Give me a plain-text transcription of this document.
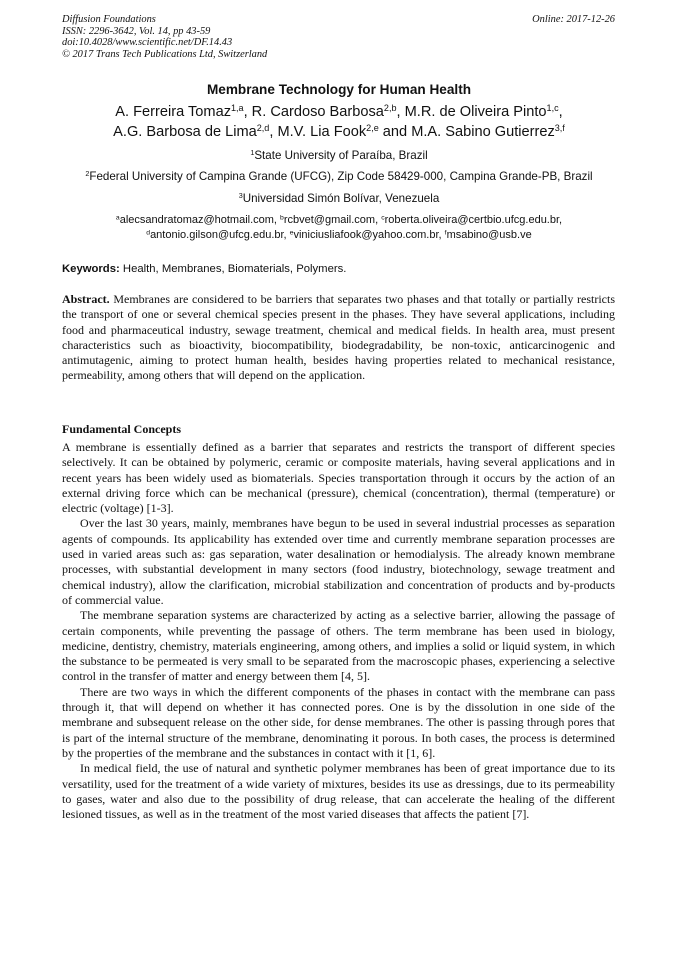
Diffusion Foundations
ISSN: 2296-3642, Vol. 14, pp 43-59
doi:10.4028/www.scientific.net/DF.14.43
© 2017 Trans Tech Publications Ltd, Switzerland
Online: 2017-12-26
Membrane Technology for Human Health
A. Ferreira Tomaz$^{1,a}$, R. Cardoso Barbosa$^{2,b}$, M.R. de Oliveira Pinto$^{1,c}$,
A.G. Barbosa de Lima$^{2,d}$, M.V. Lia Fook$^{2,e}$ and M.A. Sabino Gutierrez$^{3,f}$
$^1$State University of Paraíba, Brazil
$^2$Federal University of Campina Grande (UFCG), Zip Code 58429-000, Campina Grande-PB, Brazil
$^3$Universidad Simón Bolívar, Venezuela
$^a$alecsandratomaz@hotmail.com, $^b$rcbvet@gmail.com, $^c$roberta.oliveira@certbio.ufcg.edu.br,
$^d$antonio.gilson@ufcg.edu.br, $^e$viniciusliafook@yahoo.com.br, $^f$msabino@usb.ve
Keywords: Health, Membranes, Biomaterials, Polymers.
Abstract. Membranes are considered to be barriers that separates two phases and that totally or partially restricts the transport of one or several chemical species present in the phases. They have several applications, including food and pharmaceutical industry, sewage treatment, chemical and medical fields. In health area, must present characteristics such as bioactivity, biocompatibility, biodegradability, be non-toxic, anticarcinogenic and antimutagenic, aiming to protect human health, besides having properties related to mechanical resistance, permeability, among others that will depend on the application.
Fundamental Concepts

A membrane is essentially defined as a barrier that separates and restricts the transport of different species selectively. It can be obtained by polymeric, ceramic or composite materials, having several applications and in recent years has been widely used as biomaterials. Species transportation through it occurs by the action of an external driving force which can be mechanical (pressure), chemical (concentration), thermal (temperature) or electric (voltage) [1-3].

Over the last 30 years, mainly, membranes have begun to be used in several industrial processes as separation agents of compounds. Its applicability has extended over time and currently membrane separation processes are used in varied areas such as: gas separation, water desalination or hemodialysis. The already known membrane processes, with substantial development in many sectors (food industry, biotechnology, sewage treatment and chemical industry), allow the clarification, microbial stabilization and concentration of products and by-products of commercial value.

The membrane separation systems are characterized by acting as a selective barrier, allowing the passage of certain components, while preventing the passage of others. The term membrane has been used in biology, medicine, dentistry, chemistry, materials engineering, among others, and implies a solid or liquid system, in which the substance to be permeated is very small to be separated from the macroscopic phases, experiencing a selective control in the transfer of matter and energy between them [4, 5].

There are two ways in which the different components of the phases in contact with the membrane can pass through it, that will depend on whether it has connected pores. One is by the dissolution in one side of the membrane and subsequent release on the other side, for dense membranes. The other is passing through pores that is part of the internal structure of the membrane, denominating it porous. In both cases, the process is determined by the properties of the membrane and the substances in contact with it [1, 6].

In medical field, the use of natural and synthetic polymer membranes has been of great importance due to its versatility, used for the treatment of a wide variety of mixtures, besides its use as dressings, due to its permeability to gases, water and also due to the possibility of drug release, that can accelerate the healing of the different lesioned tissues, as well as in the treatment of the most varied diseases that affects the patient [7].
